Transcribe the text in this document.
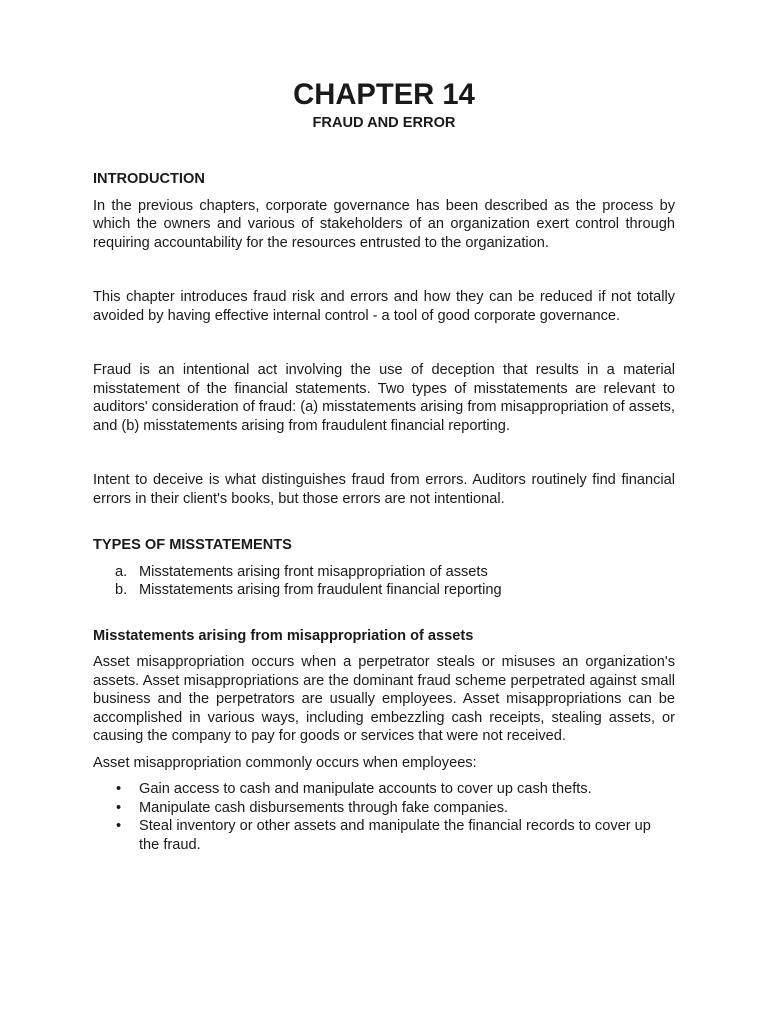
CHAPTER 14
FRAUD AND ERROR
INTRODUCTION

In the previous chapters, corporate governance has been described as the process by which the owners and various of stakeholders of an organization exert control through requiring accountability for the resources entrusted to the organization.

This chapter introduces fraud risk and errors and how they can be reduced if not totally avoided by having effective internal control - a tool of good corporate governance.

Fraud is an intentional act involving the use of deception that results in a material misstatement of the financial statements. Two types of misstatements are relevant to auditors' consideration of fraud: (a) misstatements arising from misappropriation of assets, and (b) misstatements arising from fraudulent financial reporting.

Intent to deceive is what distinguishes fraud from errors. Auditors routinely find financial errors in their client's books, but those errors are not intentional.

TYPES OF MISSTATEMENTS
a. Misstatements arising front misappropriation of assets
b. Misstatements arising from fraudulent financial reporting
Misstatements arising from misappropriation of assets

Asset misappropriation occurs when a perpetrator steals or misuses an organization's assets. Asset misappropriations are the dominant fraud scheme perpetrated against small business and the perpetrators are usually employees. Asset misappropriations can be accomplished in various ways, including embezzling cash receipts, stealing assets, or causing the company to pay for goods or services that were not received.

Asset misappropriation commonly occurs when employees:

• Gain access to cash and manipulate accounts to cover up cash thefts.
• Manipulate cash disbursements through fake companies.
• Steal inventory or other assets and manipulate the financial records to cover up the fraud.
